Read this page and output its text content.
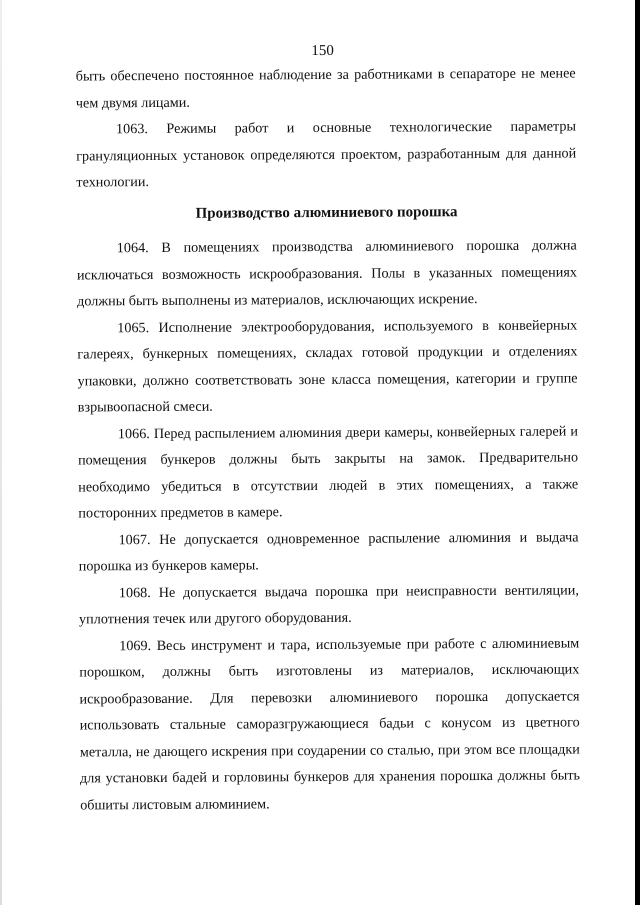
150

быть обеспечено постоянное наблюдение за работниками в сепараторе не менее чем двумя лицами.

1063. Режимы работ и основные технологические параметры грануляционных установок определяются проектом, разработанным для данной технологии.

Производство алюминиевого порошка

1064. В помещениях производства алюминиевого порошка должна исключаться возможность искрообразования. Полы в указанных помещениях должны быть выполнены из материалов, исключающих искрение.

1065. Исполнение электрооборудования, используемого в конвейерных галереях, бункерных помещениях, складах готовой продукции и отделениях упаковки, должно соответствовать зоне класса помещения, категории и группе взрывоопасной смеси.

1066. Перед распылением алюминия двери камеры, конвейерных галерей и помещения бункеров должны быть закрыты на замок. Предварительно необходимо убедиться в отсутствии людей в этих помещениях, а также посторонних предметов в камере.

1067. Не допускается одновременное распыление алюминия и выдача порошка из бункеров камеры.

1068. Не допускается выдача порошка при неисправности вентиляции, уплотнения течек или другого оборудования.

1069. Весь инструмент и тара, используемые при работе с алюминиевым порошком, должны быть изготовлены из материалов, исключающих искрообразование. Для перевозки алюминиевого порошка допускается использовать стальные саморазгружающиеся бадьи с конусом из цветного металла, не дающего искрения при соударении со сталью, при этом все площадки для установки бадей и горловины бункеров для хранения порошка должны быть обшиты листовым алюминием.
